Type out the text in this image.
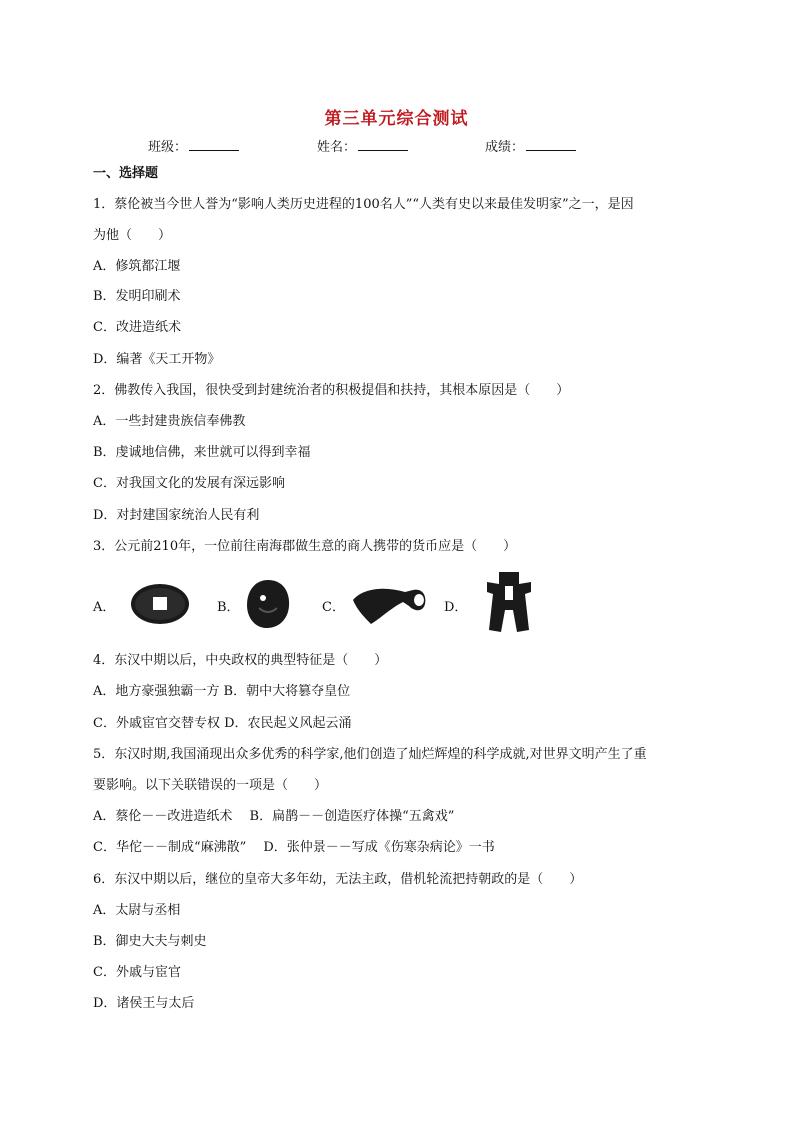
第三单元综合测试
班级：	姓名：	成绩：
一、选择题
1．蔡伦被当今世人誉为“影响人类历史进程的100名人”“人类有史以来最佳发明家”之一，是因
为他（　　）
A．修筑都江堰
B．发明印刷术
C．改进造纸术
D．编著《天工开物》
2．佛教传入我国，很快受到封建统治者的积极提倡和扶持，其根本原因是（　　）
A．一些封建贵族信奉佛教
B．虔诚地信佛，来世就可以得到幸福
C．对我国文化的发展有深远影响
D．对封建国家统治人民有利
3．公元前210年，一位前往南海郡做生意的商人携带的货币应是（　　）
A．	B．	C．	D．
4．东汉中期以后，中央政权的典型特征是（　　）
A．地方豪强独霸一方 B．朝中大将篡夺皇位
C．外戚宦官交替专权 D．农民起义风起云涌
5．东汉时期,我国涌现出众多优秀的科学家,他们创造了灿烂辉煌的科学成就,对世界文明产生了重
要影响。以下关联错误的一项是（　　）
A．蔡伦－－改进造纸术　 B．扁鹊－－创造医疗体操“五禽戏”
C．华佗－－制成“麻沸散”　 D．张仲景－－写成《伤寒杂病论》一书
6．东汉中期以后，继位的皇帝大多年幼，无法主政，借机轮流把持朝政的是（　　）
A．太尉与丞相
B．御史大夫与刺史
C．外戚与宦官
D．诸侯王与太后
